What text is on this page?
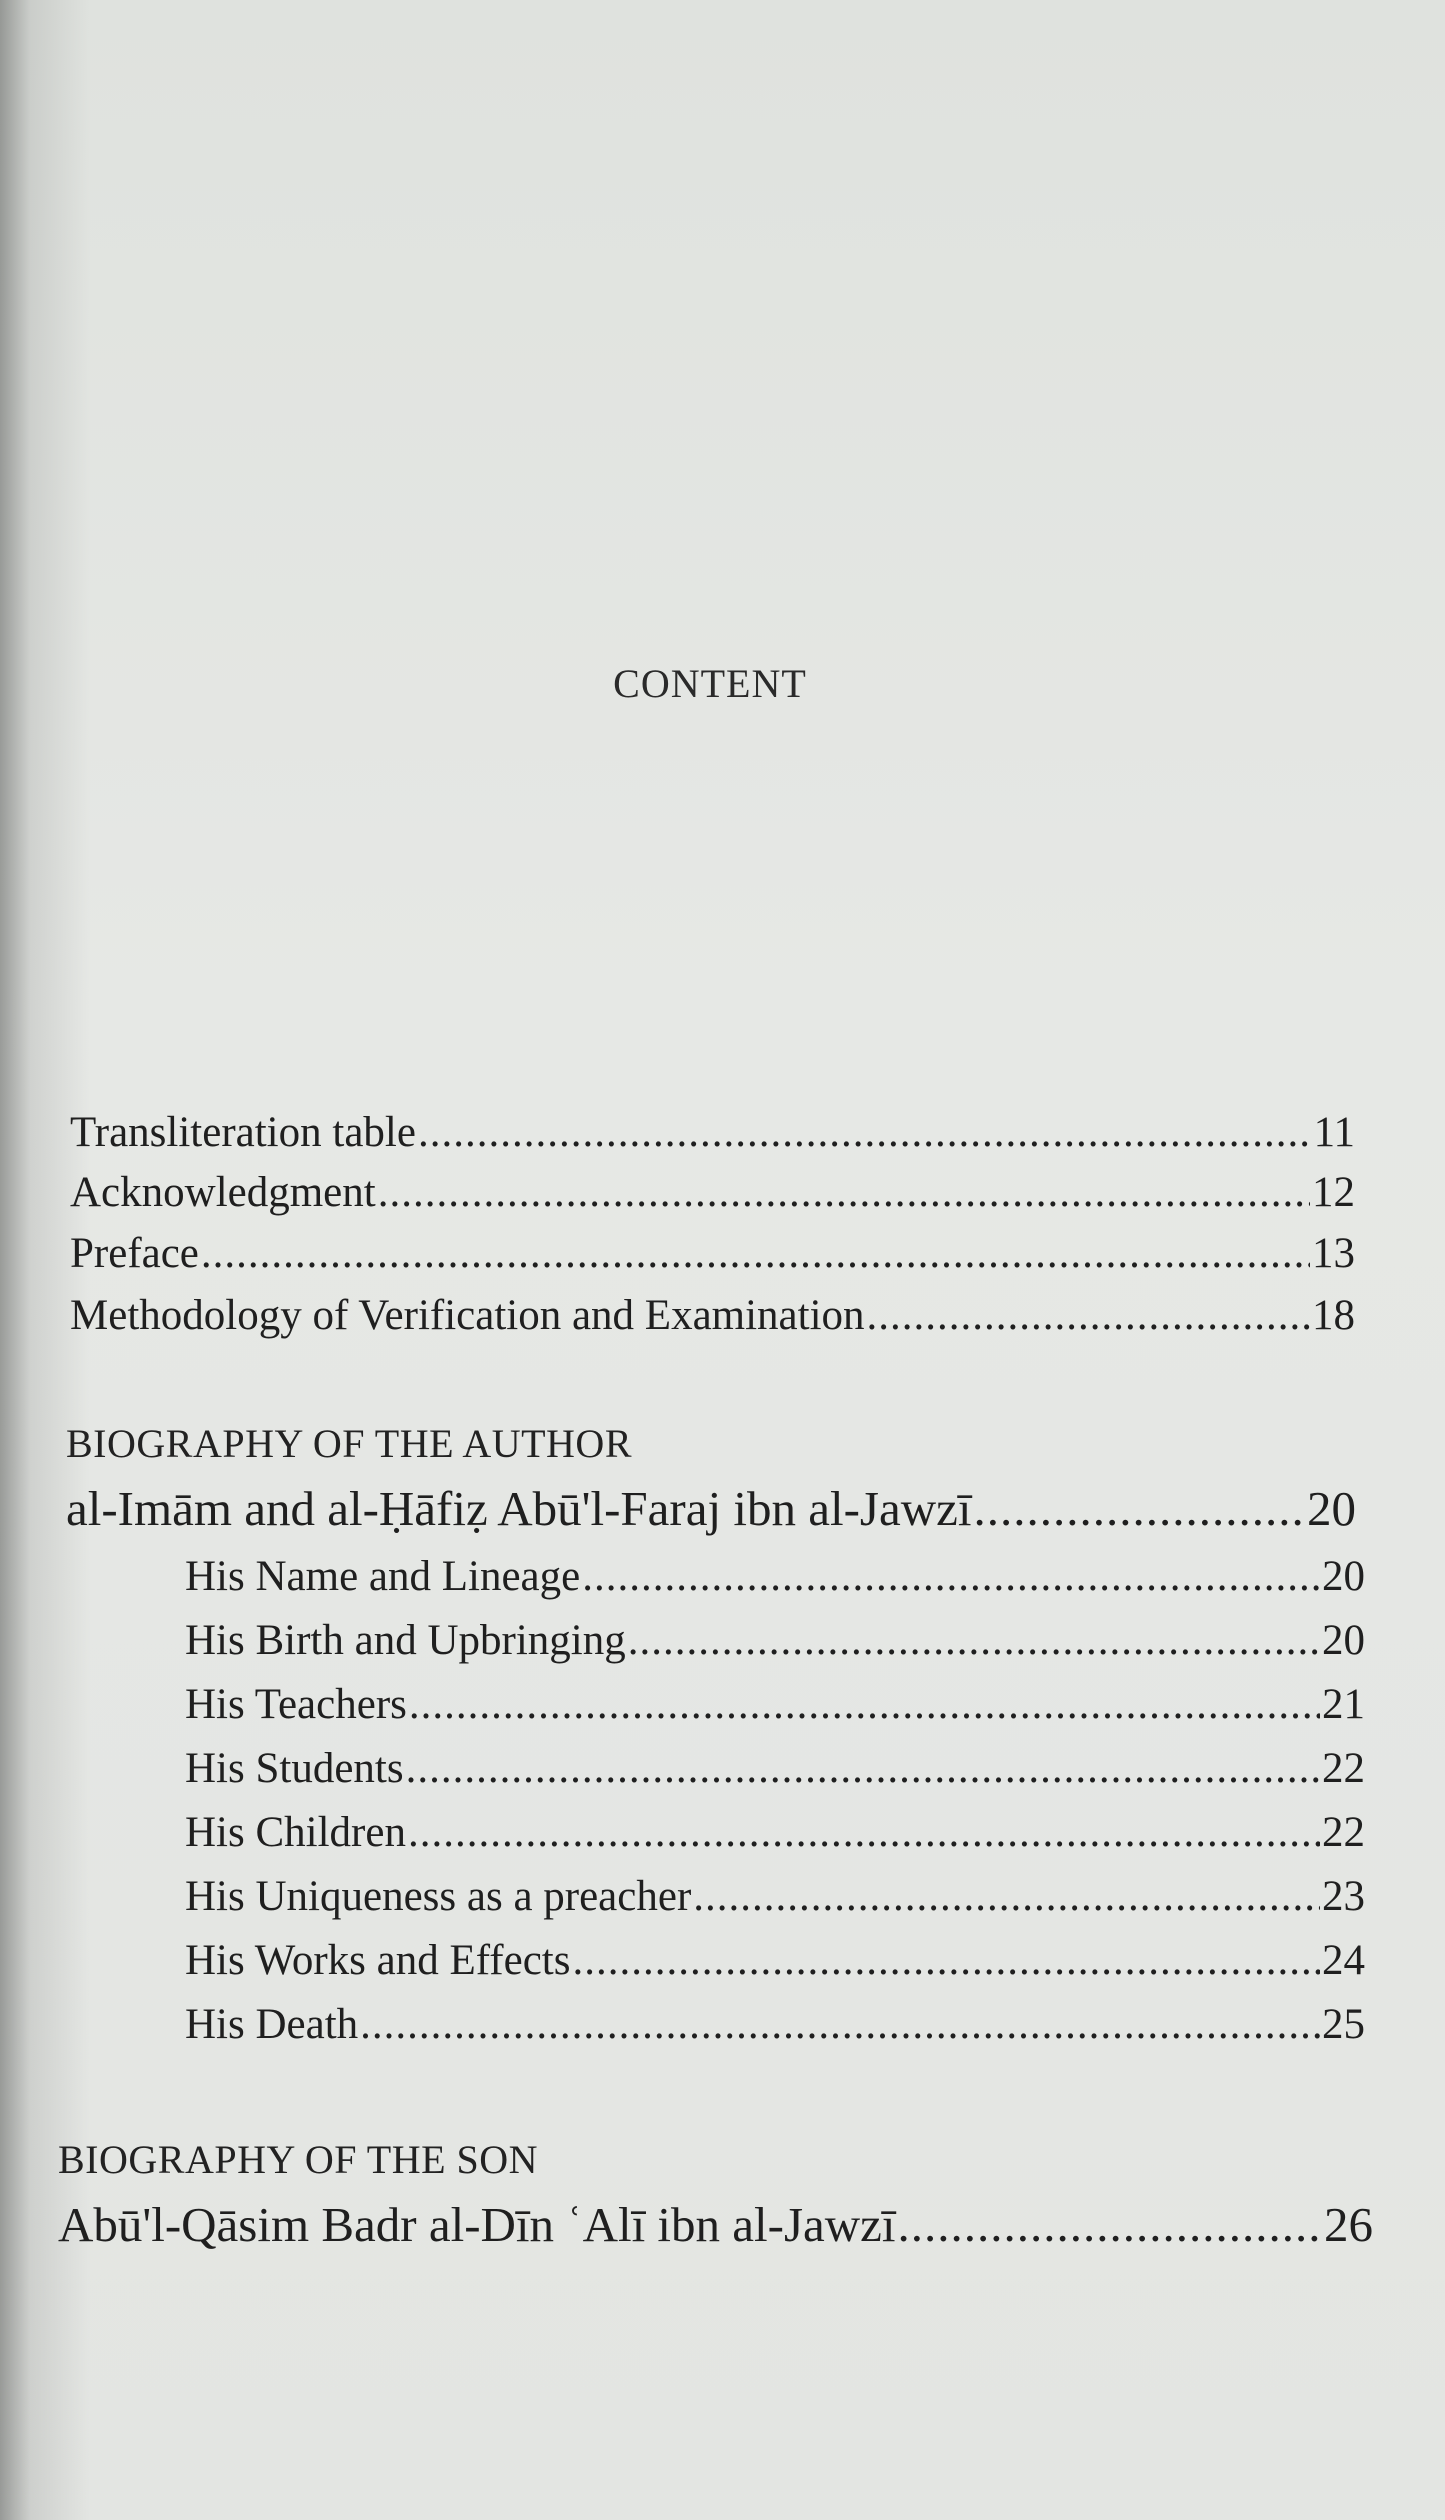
CONTENT
Transliteration table .....	11
Acknowledgment .....	12
Preface .....	13
Methodology of Verification and Examination .....	18
BIOGRAPHY OF THE AUTHOR
al-Imām and al-Ḥāfiẓ Abū'l-Faraj ibn al-Jawzī .....	20
His Name and Lineage .....	20
His Birth and Upbringing .....	20
His Teachers .....	21
His Students .....	22
His Children .....	22
His Uniqueness as a preacher .....	23
His Works and Effects .....	24
His Death .....	25
BIOGRAPHY OF THE SON
Abū'l-Qāsim Badr al-Dīn ʿAlī ibn al-Jawzī .....	26
